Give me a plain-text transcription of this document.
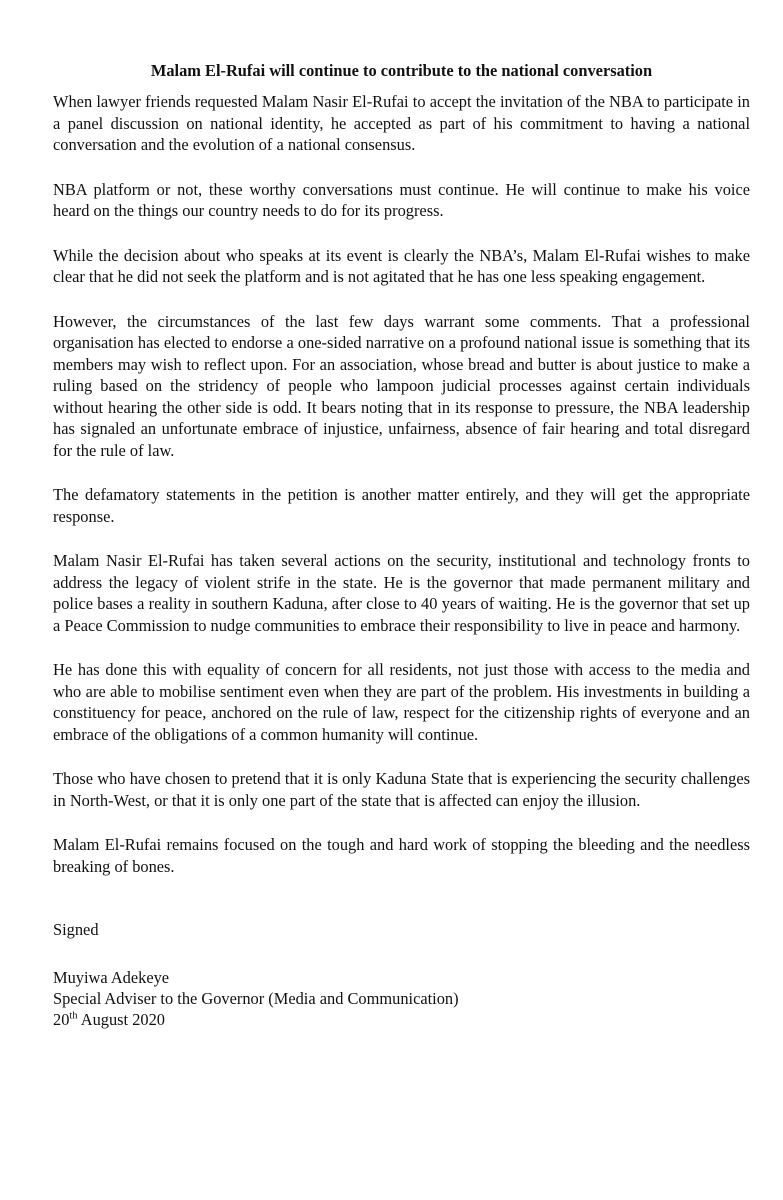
Malam El-Rufai will continue to contribute to the national conversation

When lawyer friends requested Malam Nasir El-Rufai to accept the invitation of the NBA to participate in a panel discussion on national identity, he accepted as part of his commitment to having a national conversation and the evolution of a national consensus.

NBA platform or not, these worthy conversations must continue. He will continue to make his voice heard on the things our country needs to do for its progress.

While the decision about who speaks at its event is clearly the NBA’s, Malam El-Rufai wishes to make clear that he did not seek the platform and is not agitated that he has one less speaking engagement.

However, the circumstances of the last few days warrant some comments. That a professional organisation has elected to endorse a one-sided narrative on a profound national issue is something that its members may wish to reflect upon. For an association, whose bread and butter is about justice to make a ruling based on the stridency of people who lampoon judicial processes against certain individuals without hearing the other side is odd. It bears noting that in its response to pressure, the NBA leadership has signaled an unfortunate embrace of injustice, unfairness, absence of fair hearing and total disregard for the rule of law.

The defamatory statements in the petition is another matter entirely, and they will get the appropriate response.

Malam Nasir El-Rufai has taken several actions on the security, institutional and technology fronts to address the legacy of violent strife in the state. He is the governor that made permanent military and police bases a reality in southern Kaduna, after close to 40 years of waiting. He is the governor that set up a Peace Commission to nudge communities to embrace their responsibility to live in peace and harmony.

He has done this with equality of concern for all residents, not just those with access to the media and who are able to mobilise sentiment even when they are part of the problem. His investments in building a constituency for peace, anchored on the rule of law, respect for the citizenship rights of everyone and an embrace of the obligations of a common humanity will continue.

Those who have chosen to pretend that it is only Kaduna State that is experiencing the security challenges in North-West, or that it is only one part of the state that is affected can enjoy the illusion.

Malam El-Rufai remains focused on the tough and hard work of stopping the bleeding and the needless breaking of bones.

Signed

Muyiwa Adekeye

Special Adviser to the Governor (Media and Communication)

20th August 2020
